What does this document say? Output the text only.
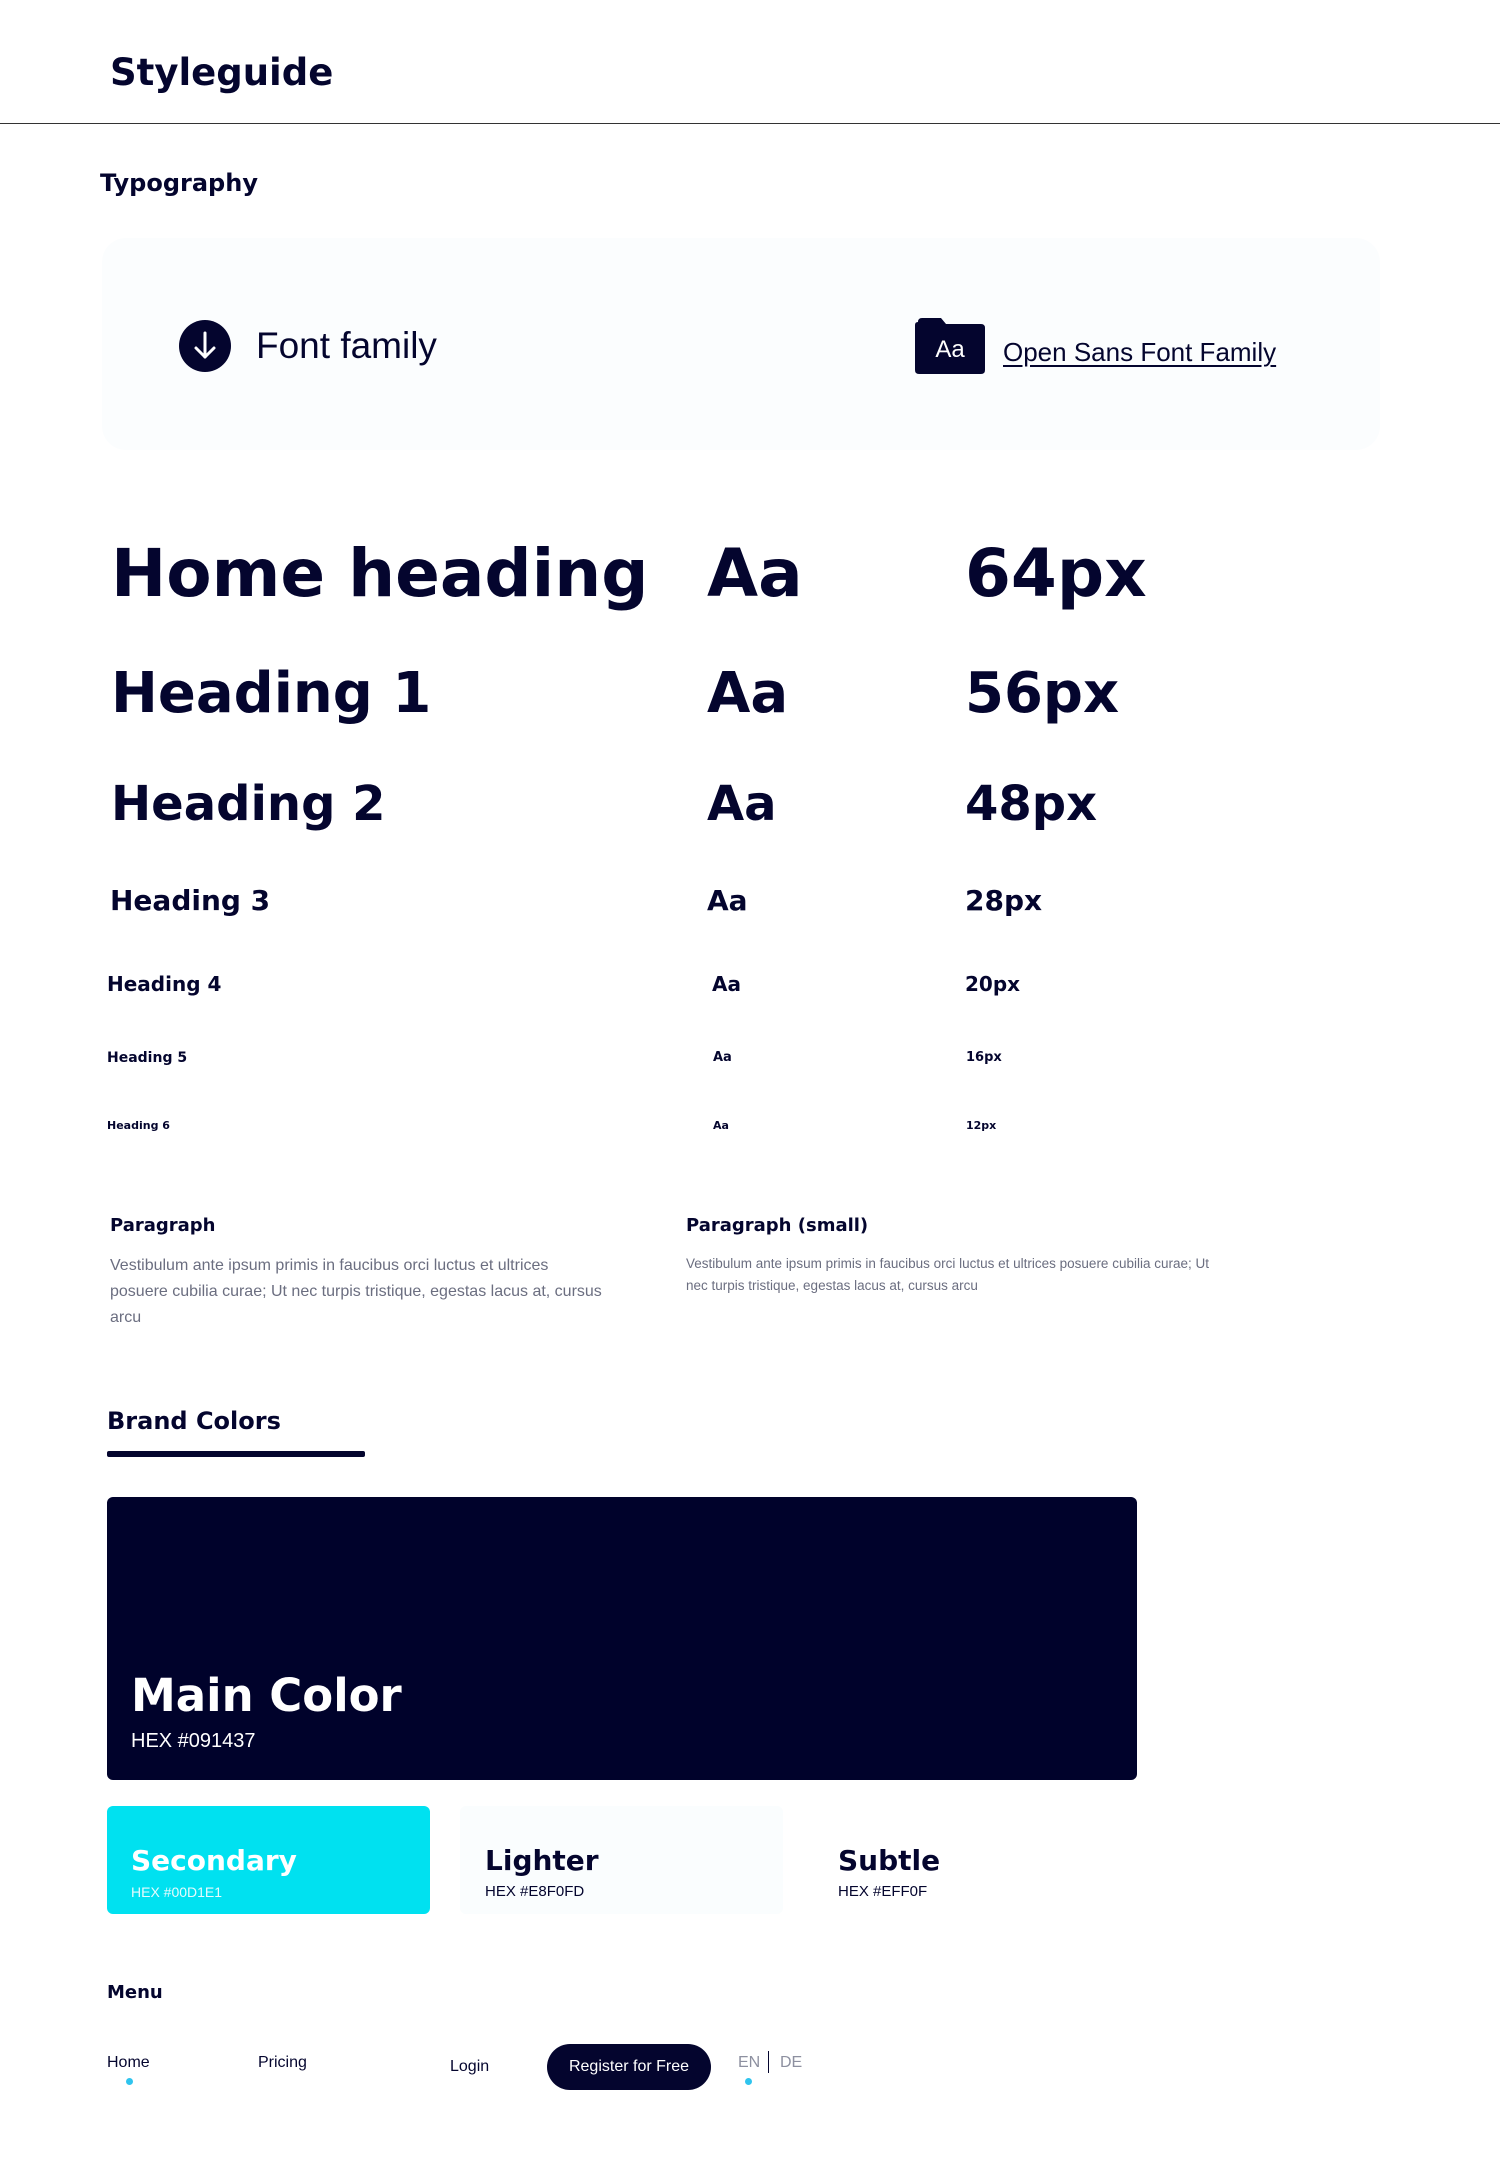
Styleguide
Typography
Font family	Aa	Open Sans Font Family
Home heading Aa 64px
Heading 1	Aa	56px
Heading 2	Aa	48px
Heading 3	Aa	28px
Heading 4	Aa	20px
Heading 5	Aa	16px
Heading 6	Aa	12px
Paragraph
Vestibulum ante ipsum primis in faucibus orci luctus et ultrices posuere cubilia curae; Ut nec turpis tristique, egestas lacus at, cursus arcu
Paragraph (small)
Vestibulum ante ipsum primis in faucibus orci luctus et ultrices posuere cubilia curae; Ut nec turpis tristique, egestas lacus at, cursus arcu
Brand Colors
Main Color
HEX #091437
Secondary
HEX #00D1E1
Lighter
HEX #E8F0FD
Subtle
HEX #EFF0F
Menu
Home	Pricing	Login	Register for Free	EN DE
